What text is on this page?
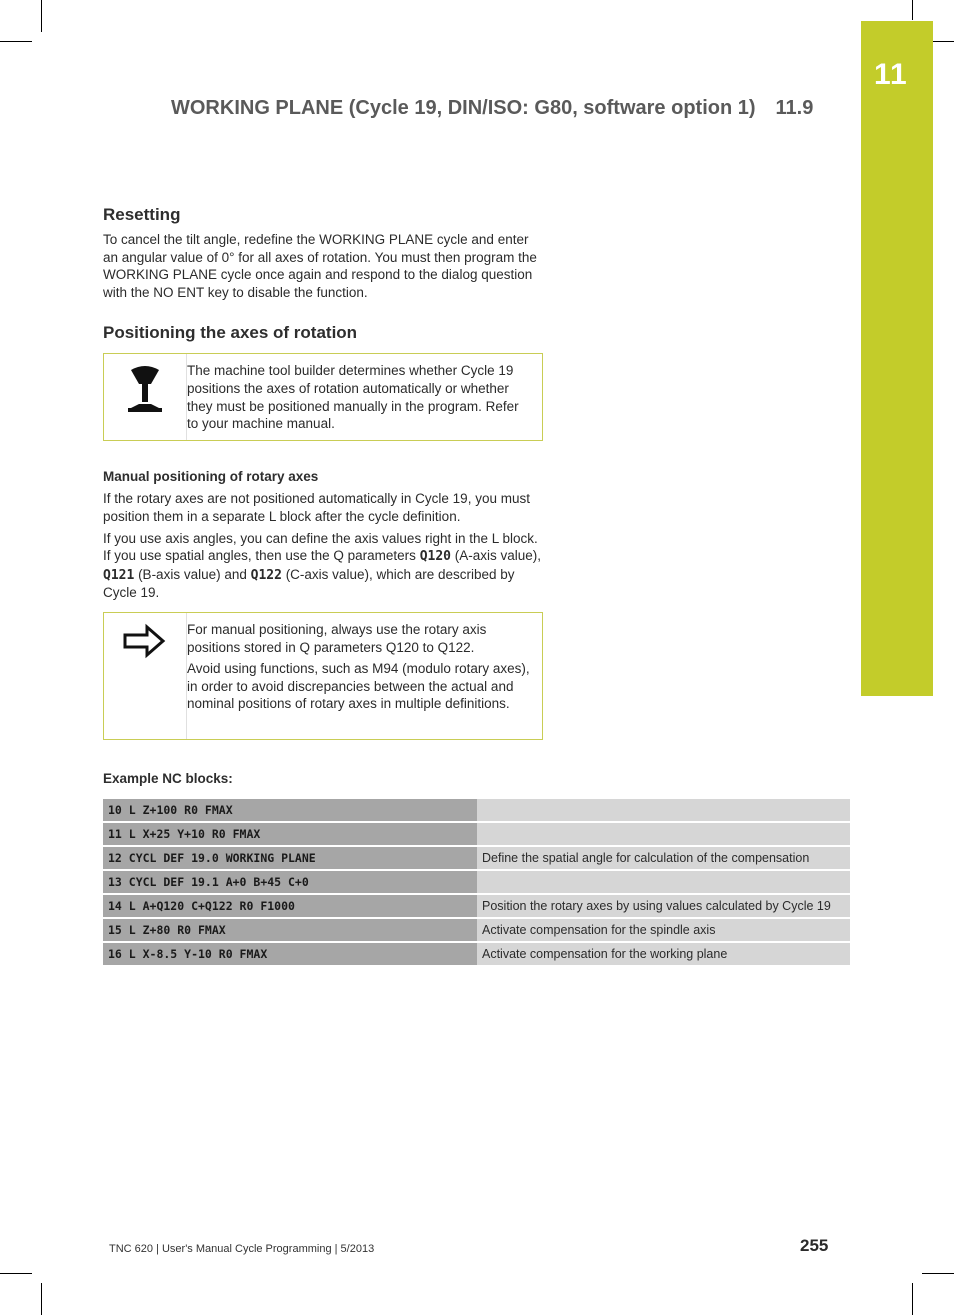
11
WORKING PLANE (Cycle 19, DIN/ISO: G80, software option 1) 11.9
Resetting

To cancel the tilt angle, redefine the WORKING PLANE cycle and enter an angular value of 0° for all axes of rotation. You must then program the WORKING PLANE cycle once again and respond to the dialog question with the NO ENT key to disable the function.

Positioning the axes of rotation

The machine tool builder determines whether Cycle 19 positions the axes of rotation automatically or whether they must be positioned manually in the program. Refer to your machine manual.

Manual positioning of rotary axes

If the rotary axes are not positioned automatically in Cycle 19, you must position them in a separate L block after the cycle definition.

If you use axis angles, you can define the axis values right in the L block. If you use spatial angles, then use the Q parameters Q120 (A-axis value), Q121 (B-axis value) and Q122 (C-axis value), which are described by Cycle 19.

For manual positioning, always use the rotary axis positions stored in Q parameters Q120 to Q122.

Avoid using functions, such as M94 (modulo rotary axes), in order to avoid discrepancies between the actual and nominal positions of rotary axes in multiple definitions.

Example NC blocks:
10 L Z+100 R0 FMAX	
11 L X+25 Y+10 R0 FMAX	
12 CYCL DEF 19.0 WORKING PLANE	Define the spatial angle for calculation of the compensation
13 CYCL DEF 19.1 A+0 B+45 C+0	
14 L A+Q120 C+Q122 R0 F1000	Position the rotary axes by using values calculated by Cycle 19
15 L Z+80 R0 FMAX	Activate compensation for the spindle axis
16 L X-8.5 Y-10 R0 FMAX	Activate compensation for the working plane
TNC 620 | User's Manual Cycle Programming | 5/2013	255
